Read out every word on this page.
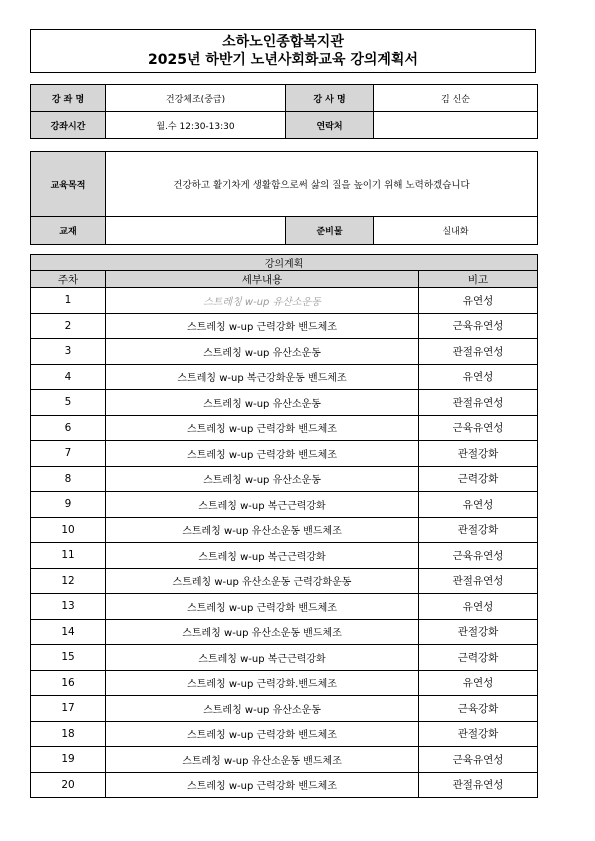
소하노인종합복지관
2025년 하반기 노년사회화교육 강의계획서
강 좌 명	건강체조(중급)	강 사 명	김 신순
강좌시간	월.수 12:30-13:30	연락처	
교육목적	건강하고 활기차게 생활함으로써 삶의 질을 높이기 위해 노력하겠습니다		
교재		준비물	실내화
강의계획		
주차	세부내용	비고
1	스트레칭 w-up 유산소운동	유연성
2	스트레칭 w-up 근력강화 밴드체조	근육유연성
3	스트레칭 w-up 유산소운동	관절유연성
4	스트레칭 w-up 복근강화운동 밴드체조	유연성
5	스트레칭 w-up 유산소운동	관절유연성
6	스트레칭 w-up 근력강화 밴드체조	근육유연성
7	스트레칭 w-up 근력강화 밴드체조	관절강화
8	스트레칭 w-up 유산소운동	근력강화
9	스트레칭 w-up 복근근력강화	유연성
10	스트레칭 w-up 유산소운동 밴드체조	관절강화
11	스트레칭 w-up 복근근력강화	근육유연성
12	스트레칭 w-up 유산소운동 근력강화운동	관절유연성
13	스트레칭 w-up 근력강화 밴드체조	유연성
14	스트레칭 w-up 유산소운동 밴드체조	관절강화
15	스트레칭 w-up 복근근력강화	근력강화
16	스트레칭 w-up 근력강화.밴드체조	유연성
17	스트레칭 w-up 유산소운동	근육강화
18	스트레칭 w-up 근력강화 밴드체조	관절강화
19	스트레칭 w-up 유산소운동 밴드체조	근육유연성
20	스트레칭 w-up 근력강화 밴드체조	관절유연성
